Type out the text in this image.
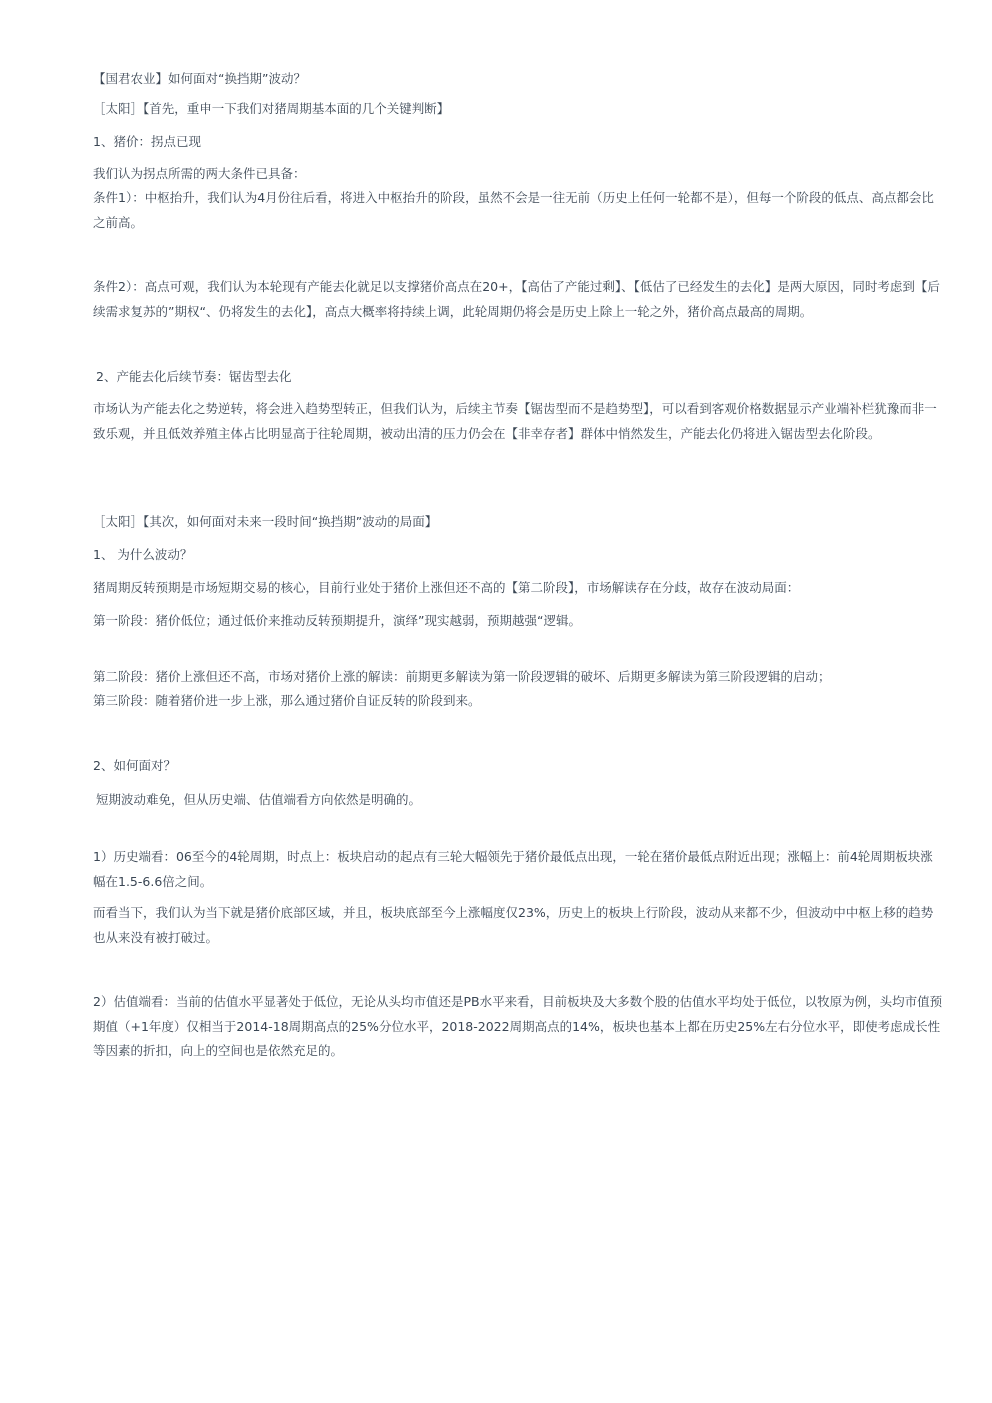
【国君农业】如何面对“换挡期”波动？
［太阳］【首先，重申一下我们对猪周期基本面的几个关键判断】
1、猪价：拐点已现
我们认为拐点所需的两大条件已具备：
条件1）：中枢抬升，我们认为4月份往后看，将进入中枢抬升的阶段，虽然不会是一往无前（历史上任何一轮都不是），但每一个阶段的低点、高点都会比之前高。
条件2）：高点可观，我们认为本轮现有产能去化就足以支撑猪价高点在20+，【高估了产能过剩】、【低估了已经发生的去化】是两大原因，同时考虑到【后续需求复苏的”期权“、仍将发生的去化】，高点大概率将持续上调，此轮周期仍将会是历史上除上一轮之外，猪价高点最高的周期。
2、产能去化后续节奏：锯齿型去化
市场认为产能去化之势逆转，将会进入趋势型转正，但我们认为，后续主节奏【锯齿型而不是趋势型】，可以看到客观价格数据显示产业端补栏犹豫而非一致乐观，并且低效养殖主体占比明显高于往轮周期，被动出清的压力仍会在【非幸存者】群体中悄然发生，产能去化仍将进入锯齿型去化阶段。
［太阳］【其次，如何面对未来一段时间“换挡期”波动的局面】
1、 为什么波动？
猪周期反转预期是市场短期交易的核心，目前行业处于猪价上涨但还不高的【第二阶段】，市场解读存在分歧，故存在波动局面：
第一阶段：猪价低位；通过低价来推动反转预期提升，演绎”现实越弱，预期越强“逻辑。
第二阶段：猪价上涨但还不高，市场对猪价上涨的解读：前期更多解读为第一阶段逻辑的破坏、后期更多解读为第三阶段逻辑的启动；
第三阶段：随着猪价进一步上涨，那么通过猪价自证反转的阶段到来。
2、如何面对？
短期波动难免，但从历史端、估值端看方向依然是明确的。
1）历史端看：06至今的4轮周期，时点上：板块启动的起点有三轮大幅领先于猪价最低点出现，一轮在猪价最低点附近出现；涨幅上：前4轮周期板块涨幅在1.5-6.6倍之间。
而看当下，我们认为当下就是猪价底部区域，并且，板块底部至今上涨幅度仅23%，历史上的板块上行阶段，波动从来都不少，但波动中中枢上移的趋势也从来没有被打破过。
2）估值端看：当前的估值水平显著处于低位，无论从头均市值还是PB水平来看，目前板块及大多数个股的估值水平均处于低位，以牧原为例，头均市值预期值（+1年度）仅相当于2014-18周期高点的25%分位水平，2018-2022周期高点的14%，板块也基本上都在历史25%左右分位水平，即使考虑成长性等因素的折扣，向上的空间也是依然充足的。
